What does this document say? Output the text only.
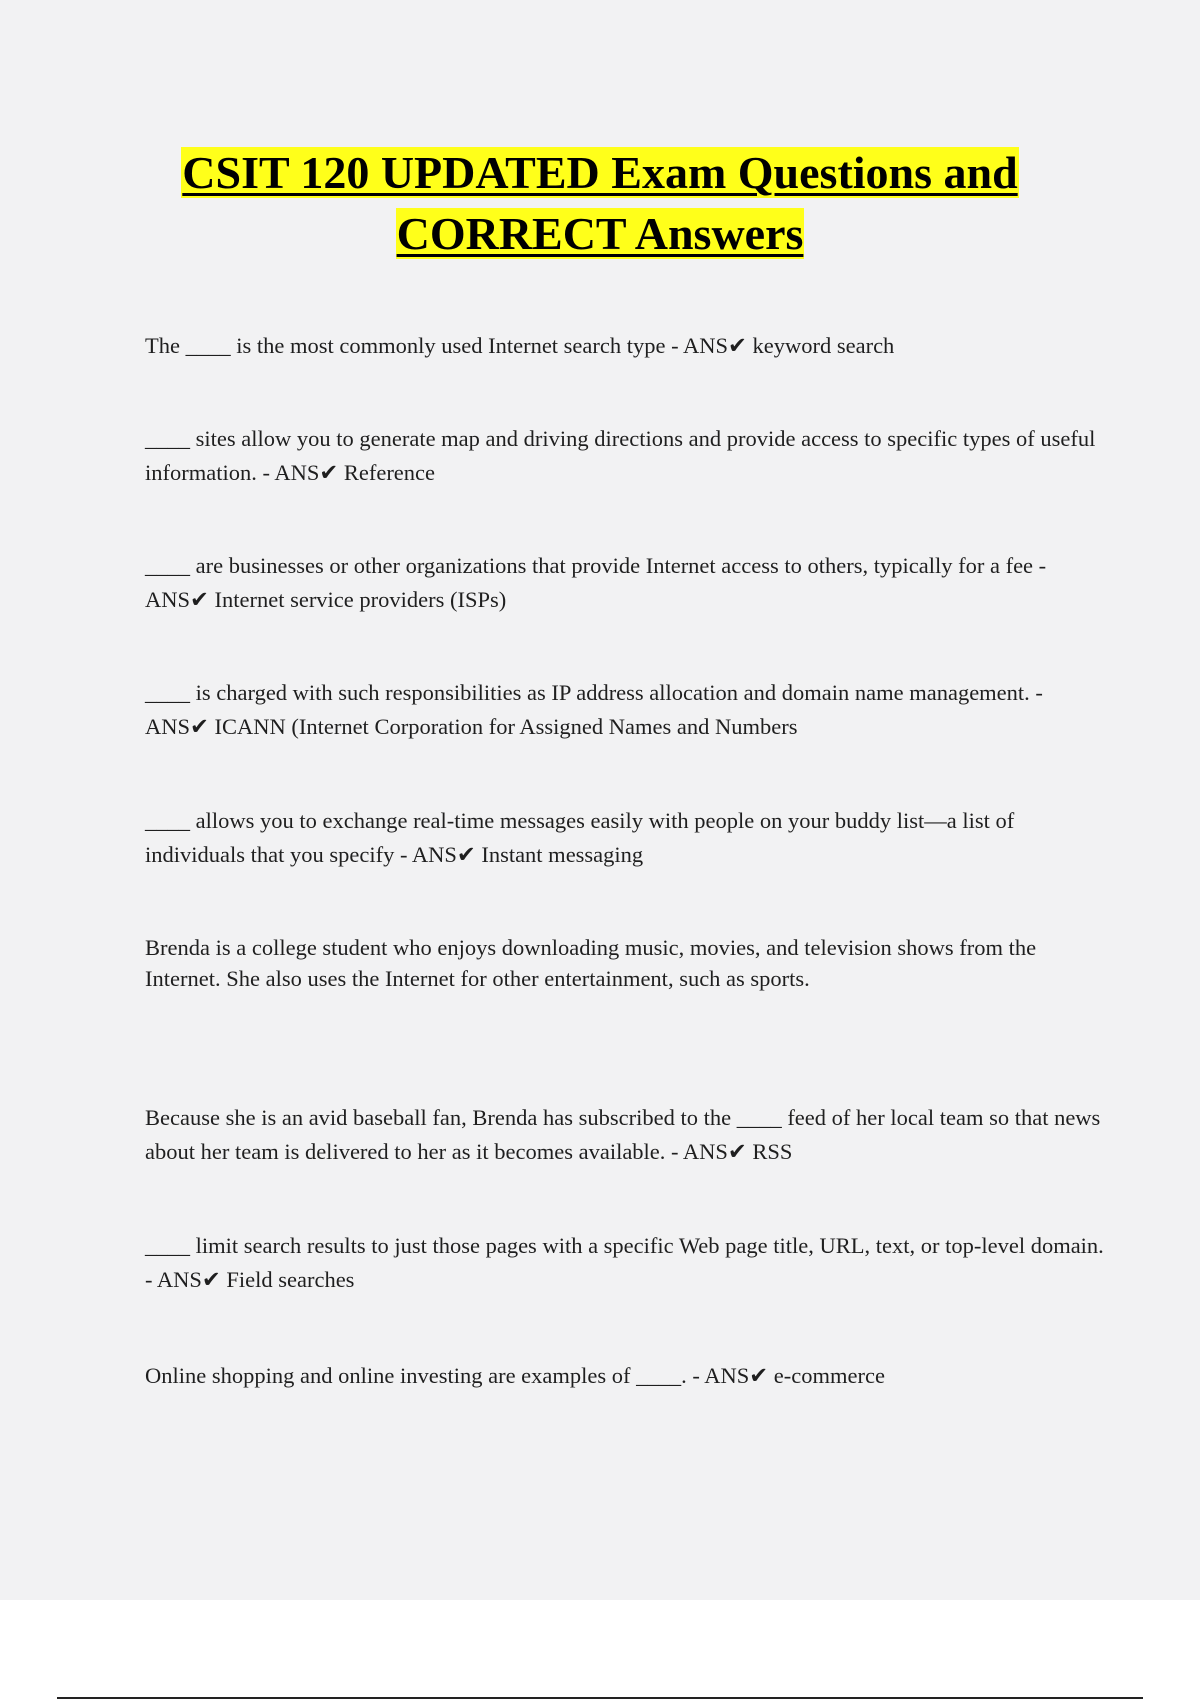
CSIT 120 UPDATED Exam Questions and
CORRECT Answers

The ____ is the most commonly used Internet search type - ANS✔ keyword search

____ sites allow you to generate map and driving directions and provide access to specific types of useful information. - ANS✔ Reference

____ are businesses or other organizations that provide Internet access to others, typically for a fee - ANS✔ Internet service providers (ISPs)

____ is charged with such responsibilities as IP address allocation and domain name management. - ANS✔ ICANN (Internet Corporation for Assigned Names and Numbers

____ allows you to exchange real-time messages easily with people on your buddy list—a list of individuals that you specify - ANS✔ Instant messaging

Brenda is a college student who enjoys downloading music, movies, and television shows from the Internet. She also uses the Internet for other entertainment, such as sports.

Because she is an avid baseball fan, Brenda has subscribed to the ____ feed of her local team so that news about her team is delivered to her as it becomes available. - ANS✔ RSS

____ limit search results to just those pages with a specific Web page title, URL, text, or top-level domain. - ANS✔ Field searches

Online shopping and online investing are examples of ____. - ANS✔ e-commerce
